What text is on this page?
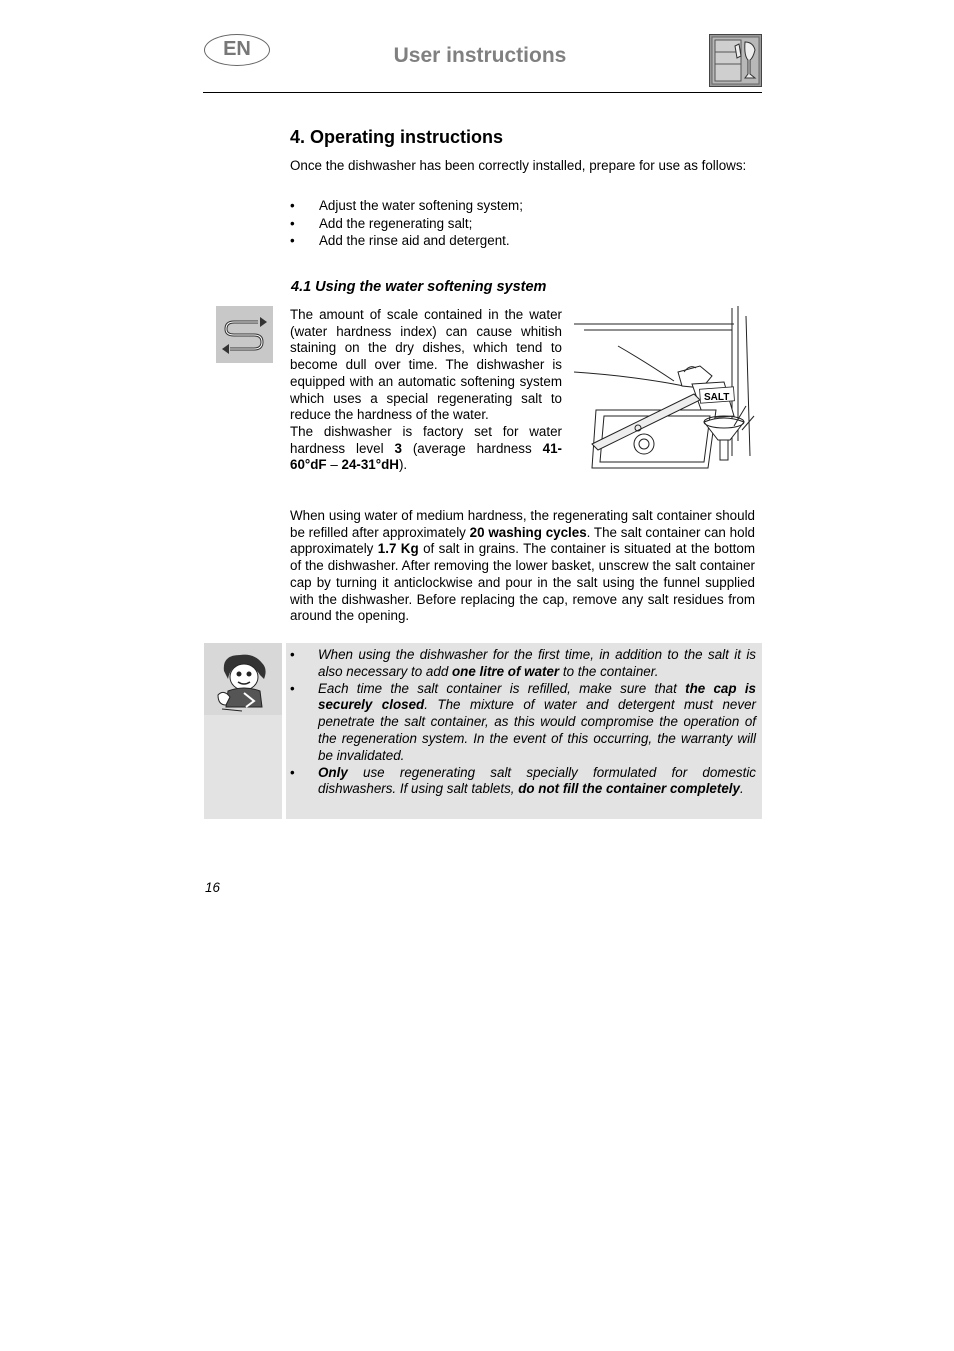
EN	User instructions
4. Operating instructions
Once the dishwasher has been correctly installed, prepare for use as follows:
• Adjust the water softening system;
• Add the regenerating salt;
• Add the rinse aid and detergent.
4.1 Using the water softening system
The amount of scale contained in the water (water hardness index) can cause whitish staining on the dry dishes, which tend to become dull over time. The dishwasher is equipped with an automatic softening system which uses a special regenerating salt to reduce the hardness of the water.
The dishwasher is factory set for water hardness level 3 (average hardness 41-60°dF – 24-31°dH).
SALT
When using water of medium hardness, the regenerating salt container should be refilled after approximately 20 washing cycles. The salt container can hold approximately 1.7 Kg of salt in grains. The container is situated at the bottom of the dishwasher. After removing the lower basket, unscrew the salt container cap by turning it anticlockwise and pour in the salt using the funnel supplied with the dishwasher. Before replacing the cap, remove any salt residues from around the opening.
• When using the dishwasher for the first time, in addition to the salt it is also necessary to add one litre of water to the container.
• Each time the salt container is refilled, make sure that the cap is securely closed. The mixture of water and detergent must never penetrate the salt container, as this would compromise the operation of the regeneration system. In the event of this occurring, the warranty will be invalidated.
• Only use regenerating salt specially formulated for domestic dishwashers. If using salt tablets, do not fill the container completely.
16
